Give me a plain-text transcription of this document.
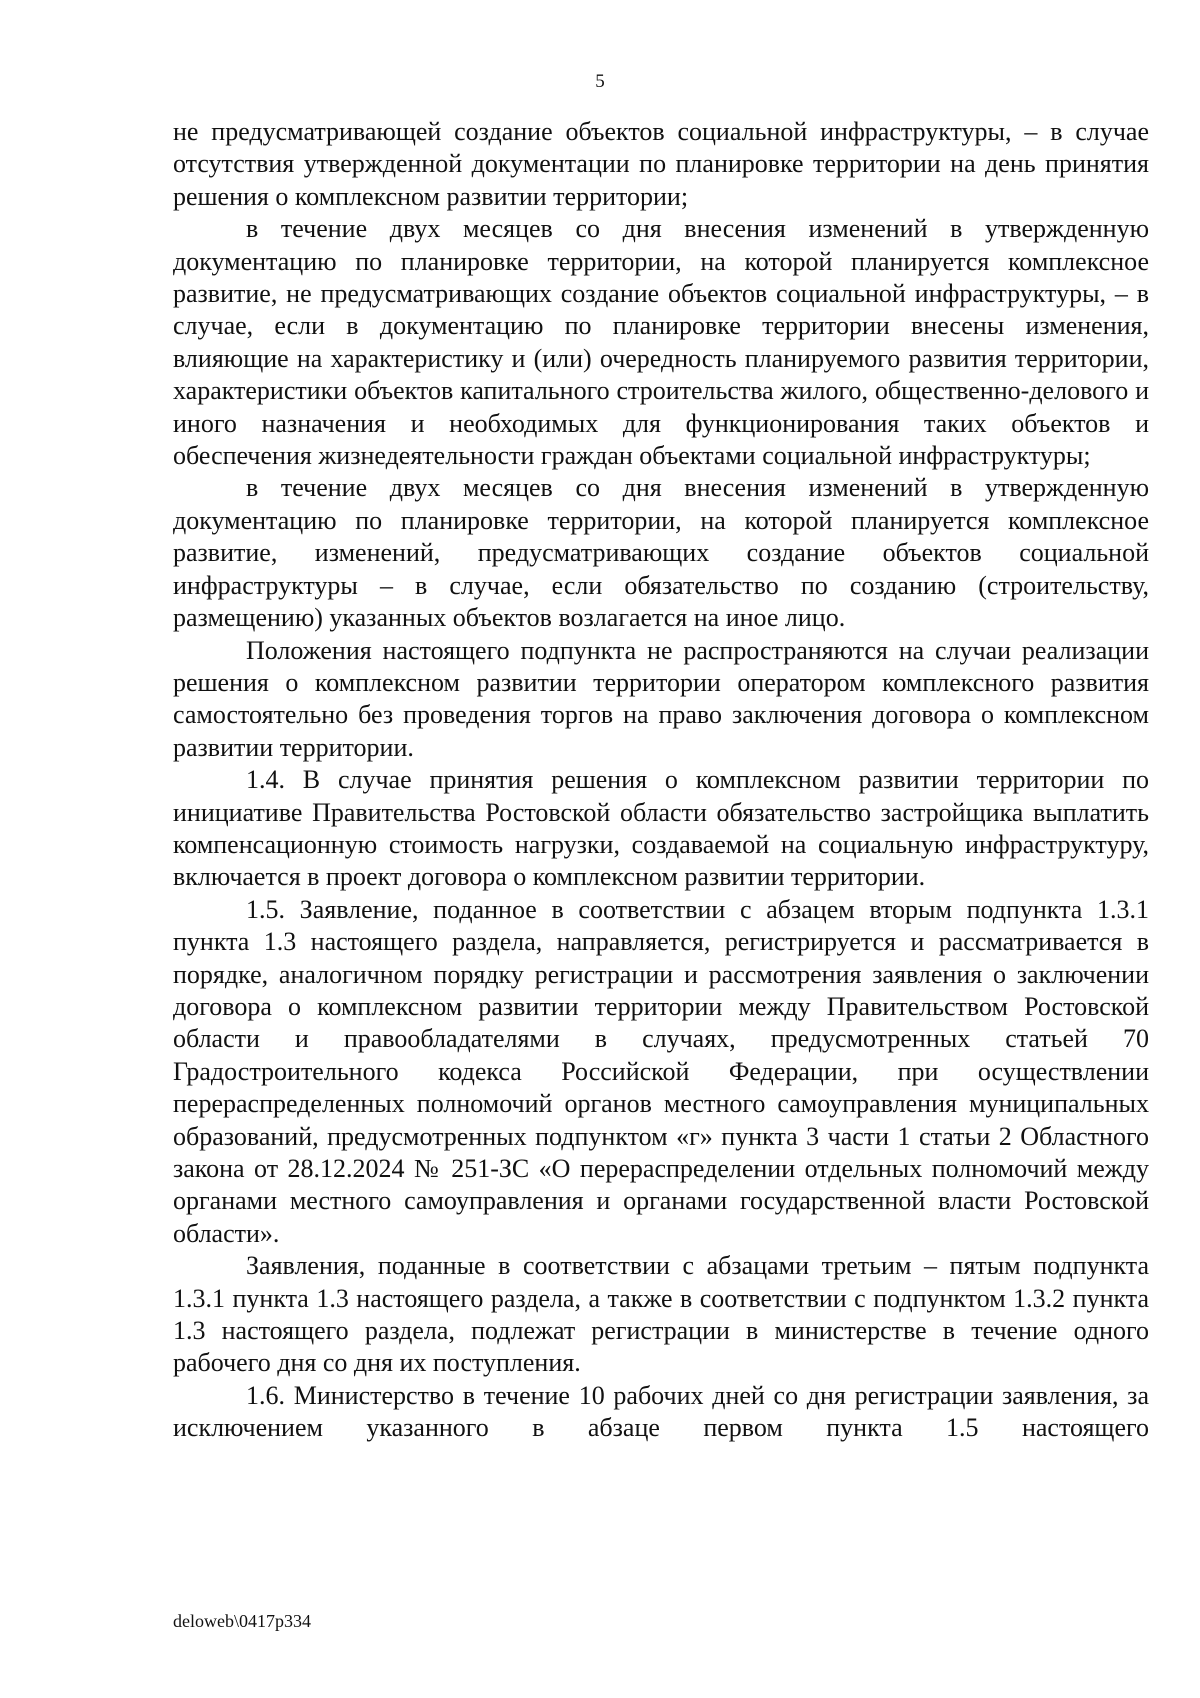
5

не предусматривающей создание объектов социальной инфраструктуры, – в случае отсутствия утвержденной документации по планировке территории на день принятия решения о комплексном развитии территории;

в течение двух месяцев со дня внесения изменений в утвержденную документацию по планировке территории, на которой планируется комплексное развитие, не предусматривающих создание объектов социальной инфраструктуры, – в случае, если в документацию по планировке территории внесены изменения, влияющие на характеристику и (или) очередность планируемого развития территории, характеристики объектов капитального строительства жилого, общественно-делового и иного назначения и необходимых для функционирования таких объектов и обеспечения жизнедеятельности граждан объектами социальной инфраструктуры;

в течение двух месяцев со дня внесения изменений в утвержденную документацию по планировке территории, на которой планируется комплексное развитие, изменений, предусматривающих создание объектов социальной инфраструктуры – в случае, если обязательство по созданию (строительству, размещению) указанных объектов возлагается на иное лицо.

Положения настоящего подпункта не распространяются на случаи реализации решения о комплексном развитии территории оператором комплексного развития самостоятельно без проведения торгов на право заключения договора о комплексном развитии территории.

1.4. В случае принятия решения о комплексном развитии территории по инициативе Правительства Ростовской области обязательство застройщика выплатить компенсационную стоимость нагрузки, создаваемой на социальную инфраструктуру, включается в проект договора о комплексном развитии территории.

1.5. Заявление, поданное в соответствии с абзацем вторым подпункта 1.3.1 пункта 1.3 настоящего раздела, направляется, регистрируется и рассматривается в порядке, аналогичном порядку регистрации и рассмотрения заявления о заключении договора о комплексном развитии территории между Правительством Ростовской области и правообладателями в случаях, предусмотренных статьей 70 Градостроительного кодекса Российской Федерации, при осуществлении перераспределенных полномочий органов местного самоуправления муниципальных образований, предусмотренных подпунктом «г» пункта 3 части 1 статьи 2 Областного закона от 28.12.2024 № 251-ЗС «О перераспределении отдельных полномочий между органами местного самоуправления и органами государственной власти Ростовской области».

Заявления, поданные в соответствии с абзацами третьим – пятым подпункта 1.3.1 пункта 1.3 настоящего раздела, а также в соответствии с подпунктом 1.3.2 пункта 1.3 настоящего раздела, подлежат регистрации в министерстве в течение одного рабочего дня со дня их поступления.

1.6. Министерство в течение 10 рабочих дней со дня регистрации заявления, за исключением указанного в абзаце первом пункта 1.5 настоящего

deloweb\0417p334
